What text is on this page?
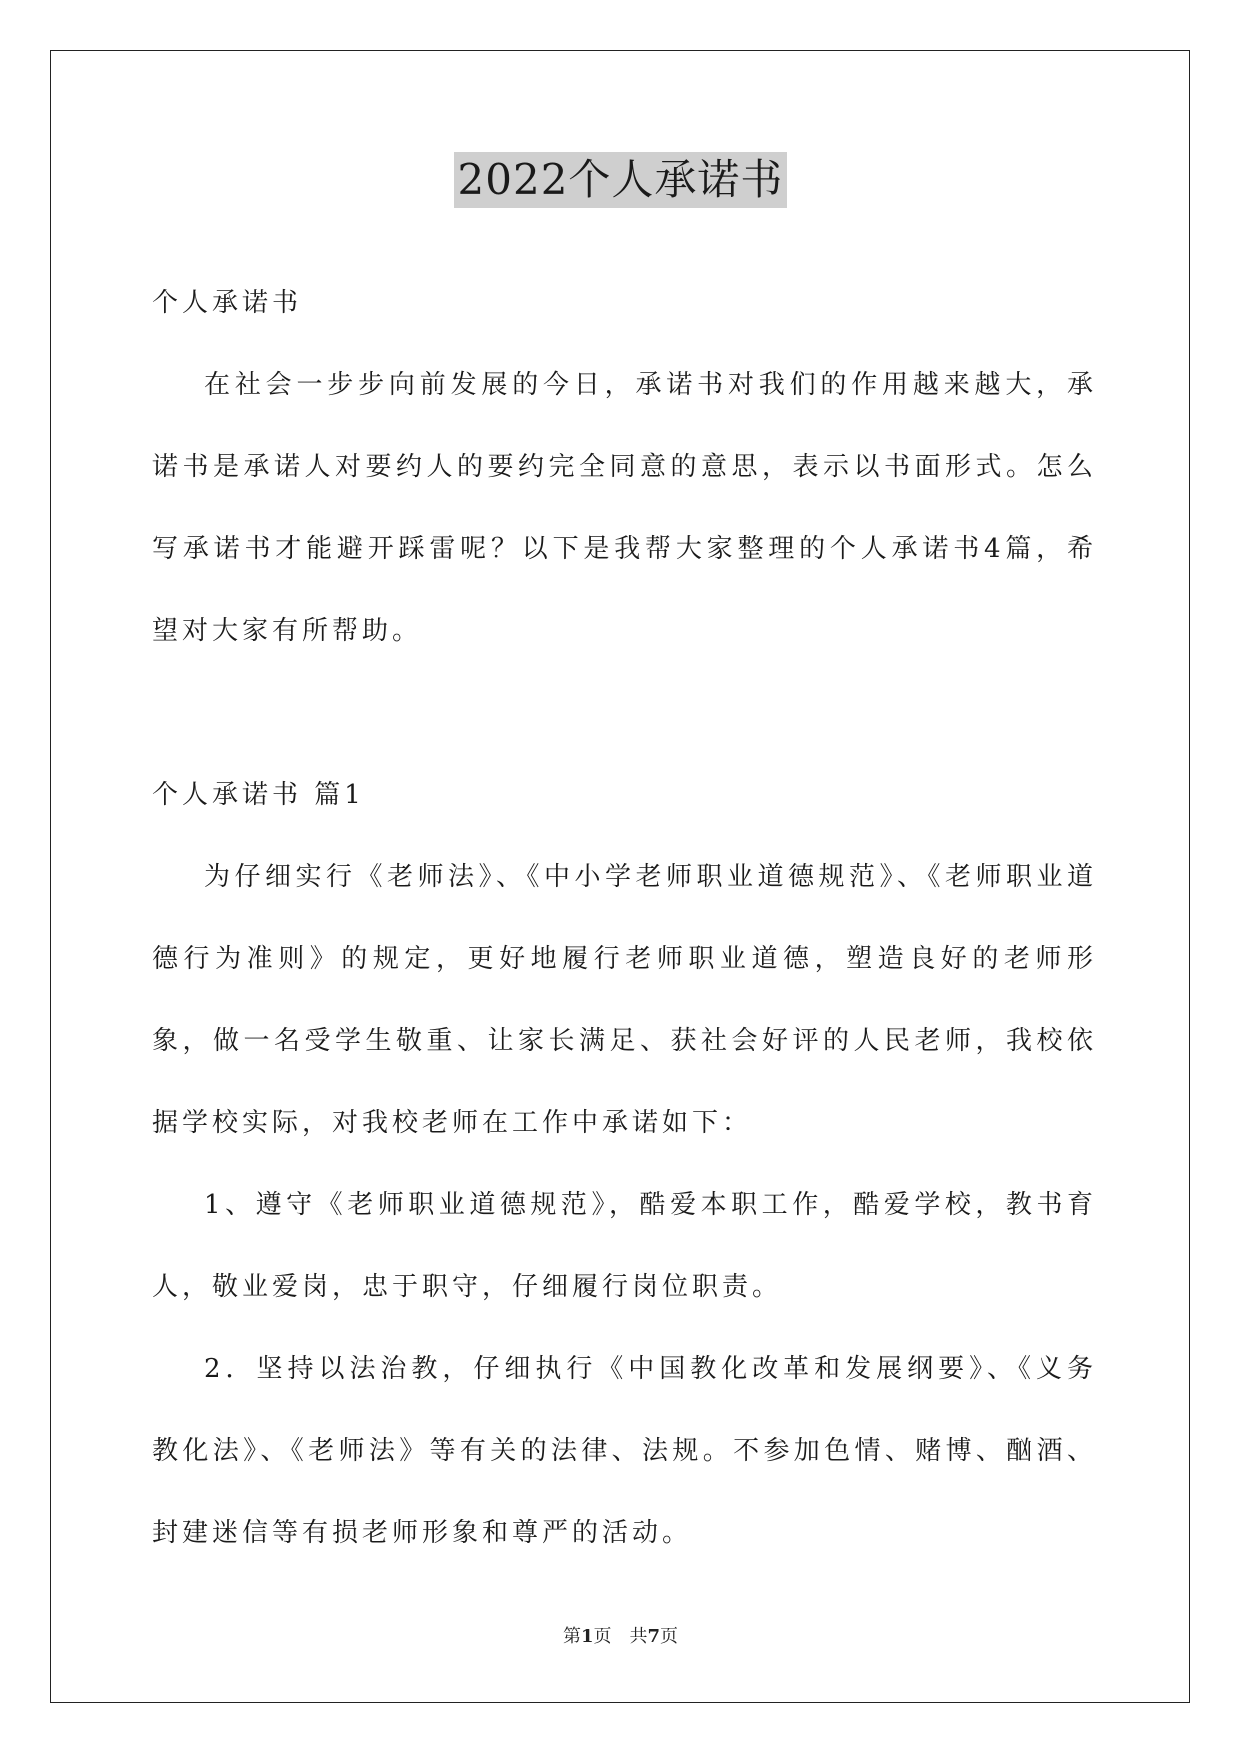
2022个人承诺书

个人承诺书

在社会一步步向前发展的今日，承诺书对我们的作用越来越大，承诺书是承诺人对要约人的要约完全同意的意思，表示以书面形式。怎么写承诺书才能避开踩雷呢？以下是我帮大家整理的个人承诺书4篇，希望对大家有所帮助。

个人承诺书 篇1

为仔细实行《老师法》、《中小学老师职业道德规范》、《老师职业道德行为准则》的规定，更好地履行老师职业道德，塑造良好的老师形象，做一名受学生敬重、让家长满足、获社会好评的人民老师，我校依据学校实际，对我校老师在工作中承诺如下：

1、遵守《老师职业道德规范》，酷爱本职工作，酷爱学校，教书育人，敬业爱岗，忠于职守，仔细履行岗位职责。

2．坚持以法治教，仔细执行《中国教化改革和发展纲要》、《义务教化法》、《老师法》等有关的法律、法规。不参加色情、赌博、酗酒、封建迷信等有损老师形象和尊严的活动。

第1页 共7页
